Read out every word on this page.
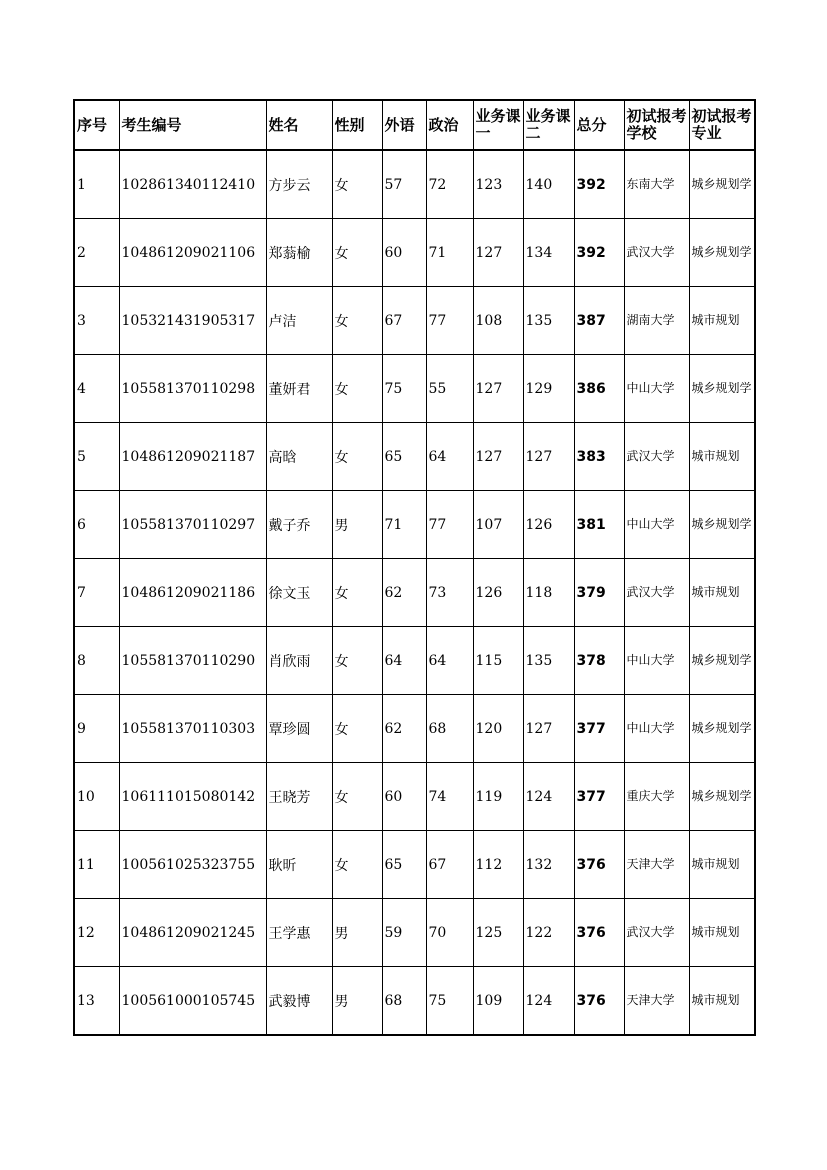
序号	考生编号	姓名	性别	外语	政治	业务课一	业务课二	总分	初试报考学校	初试报考专业
1	102861340112410	方步云	女	57	72	123	140	392	东南大学	城乡规划学
2	104861209021106	郑蓊榆	女	60	71	127	134	392	武汉大学	城乡规划学
3	105321431905317	卢洁	女	67	77	108	135	387	湖南大学	城市规划
4	105581370110298	董妍君	女	75	55	127	129	386	中山大学	城乡规划学
5	104861209021187	高晗	女	65	64	127	127	383	武汉大学	城市规划
6	105581370110297	戴子乔	男	71	77	107	126	381	中山大学	城乡规划学
7	104861209021186	徐文玉	女	62	73	126	118	379	武汉大学	城市规划
8	105581370110290	肖欣雨	女	64	64	115	135	378	中山大学	城乡规划学
9	105581370110303	覃珍圆	女	62	68	120	127	377	中山大学	城乡规划学
10	106111015080142	王晓芳	女	60	74	119	124	377	重庆大学	城乡规划学
11	100561025323755	耿昕	女	65	67	112	132	376	天津大学	城市规划
12	104861209021245	王学惠	男	59	70	125	122	376	武汉大学	城市规划
13	100561000105745	武毅博	男	68	75	109	124	376	天津大学	城市规划
